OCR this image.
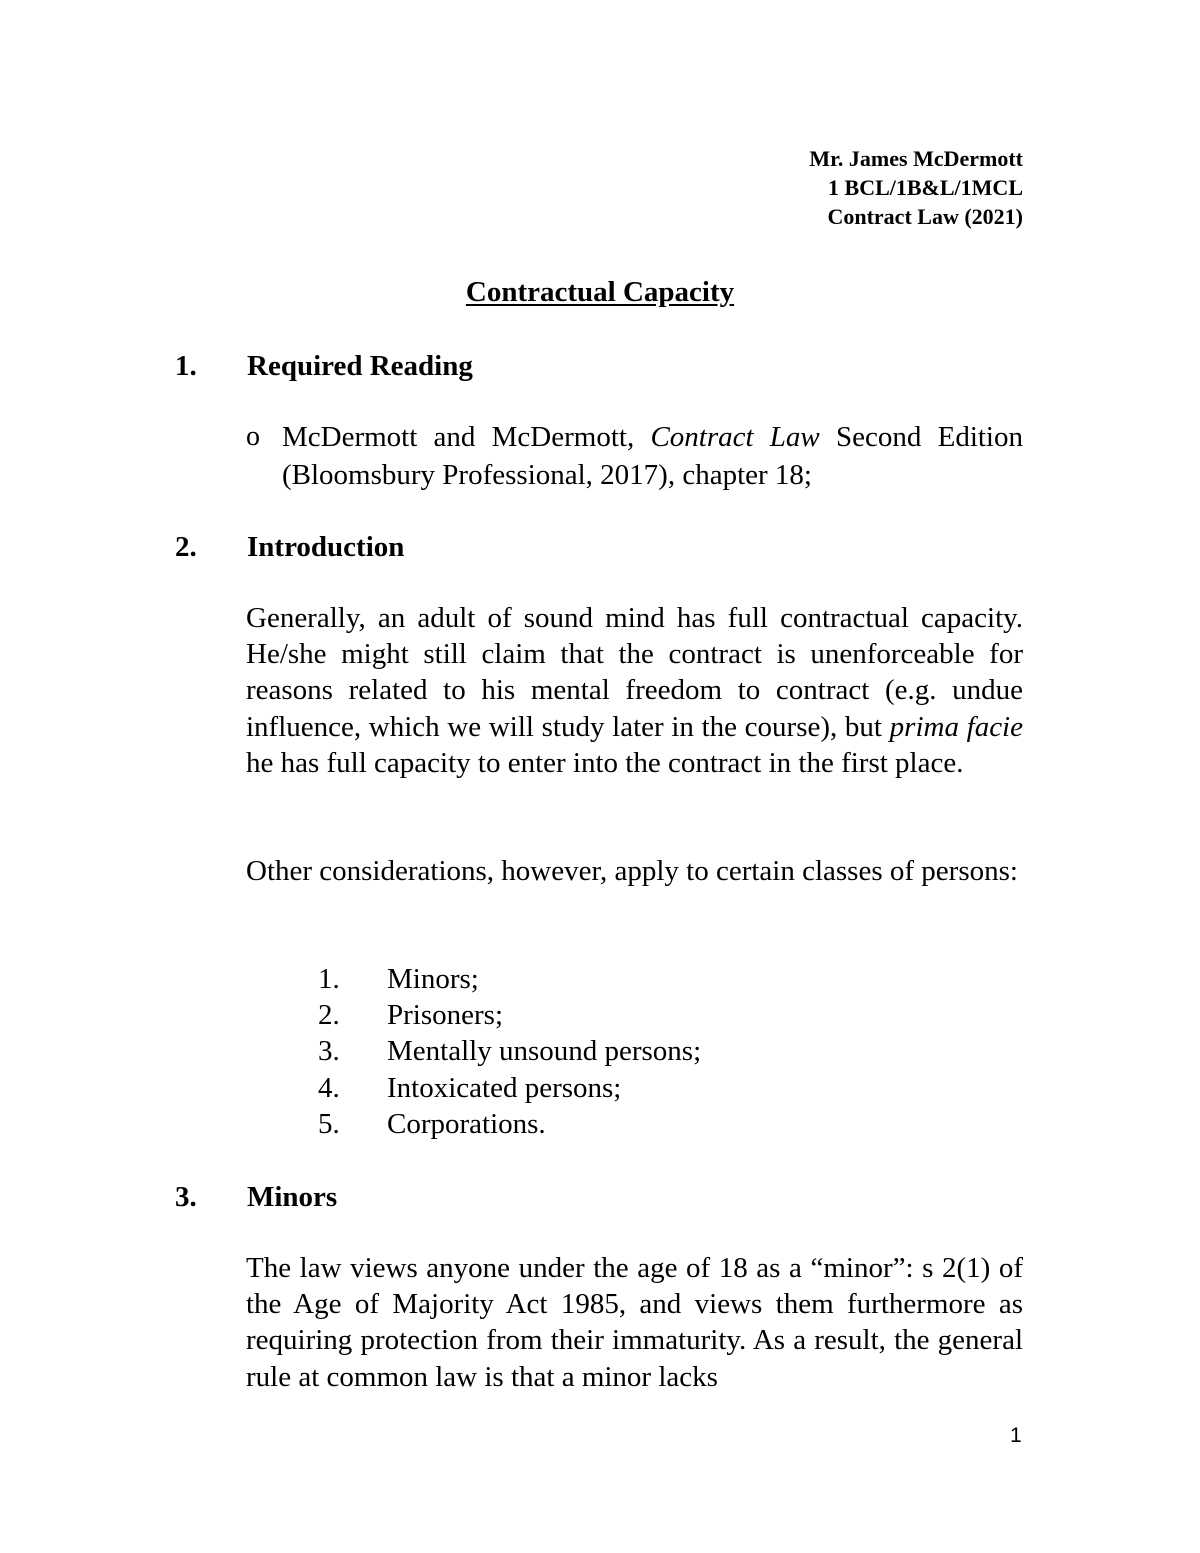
Mr. James McDermott
1 BCL/1B&L/1MCL
Contract Law (2021)
Contractual Capacity
1. Required Reading
o McDermott and McDermott, Contract Law Second Edition (Bloomsbury Professional, 2017), chapter 18;
2. Introduction
Generally, an adult of sound mind has full contractual capacity. He/she might still claim that the contract is unenforceable for reasons related to his mental freedom to contract (e.g. undue influence, which we will study later in the course), but prima facie he has full capacity to enter into the contract in the first place.
Other considerations, however, apply to certain classes of persons:
1.	Minors;
2.	Prisoners;
3.	Mentally unsound persons;
4.	Intoxicated persons;
5.	Corporations.
3. Minors
The law views anyone under the age of 18 as a “minor”: s 2(1) of the Age of Majority Act 1985, and views them furthermore as requiring protection from their immaturity. As a result, the general rule at common law is that a minor lacks
1
